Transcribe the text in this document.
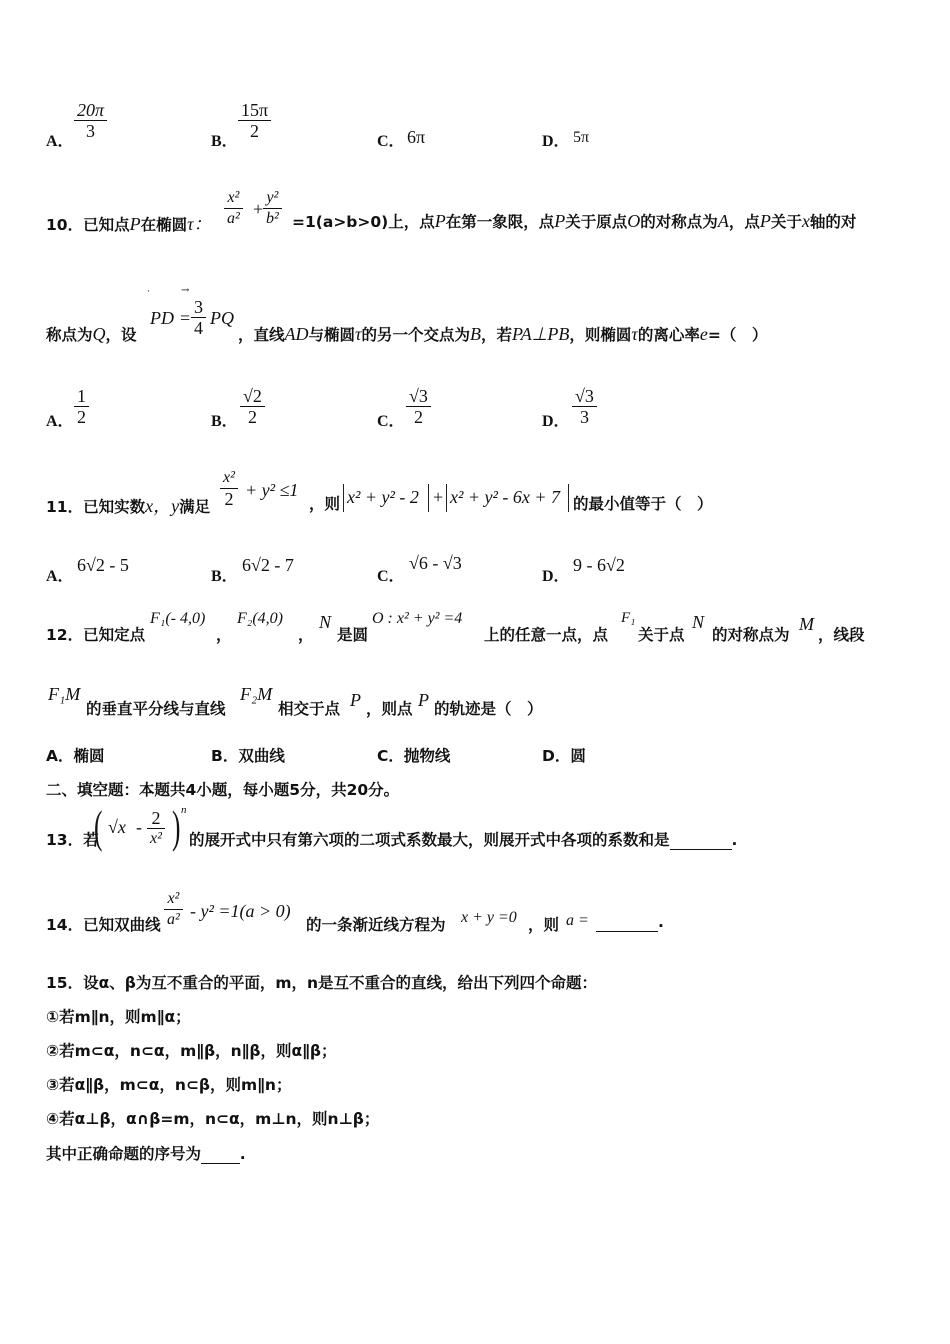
A．
$\frac{20\pi}{3}$
B．
$\frac{15\pi}{2}$
C． 6π	D． 5π
10．已知点P在椭圆τ： $\frac{\text{x²}}{\text{a²}} + \frac{\text{y²}}{\text{b²}} =1(a>b>0)$上，点P在第一象限，点P关于原点O的对称点为A，点P关于x轴的对
称点为Q，设
·	→
PD = $\frac{3}{4}$ PQ
，直线AD与椭圆τ的另一个交点为B，若PA⊥PB，则椭圆τ的离心率e=（　）
A． $\frac{1}{2}$	B． $\frac{√2}{2}$	C． $\frac{√3}{2}$	D． $\frac{√3}{3}$
11．已知实数x，y满足 $\frac{\text{x²}}{2} + y^2 \le 1$
，则 x² + y² - 2 + x² + y² - 6x + 7 的最小值等于（　）
A．
6√2 - 5
B．
6√2 - 7
C．
√6 - √3
D．
9 - 6√2
12．已知定点
F₁(- 4,0)
，
F₂(4,0)
，
N
是圆
O : x² + y² =4
上的任意一点，点
F₁
关于点
N
的对称点为
M
，线段
F₁M
的垂直平分线与直线
F₂M
相交于点 P ，则点 P 的轨迹是（　）
A．椭圆	B．双曲线	C．抛物线	D．圆
二、填空题：本题共4小题，每小题5分，共20分。
13．若
( $√x - \frac{2}{\text{x²}}$ ) n
的展开式中只有第六项的二项式系数最大，则展开式中各项的系数和是	.
14．已知双曲线 $\frac{\text{x²}}{\text{a²}} - y^2 =1(a > 0)$
的一条渐近线方程为 x + y =0 ，则 a =	.
15．设α、β为互不重合的平面，m，n是互不重合的直线，给出下列四个命题：
①若m∥n，则m∥α；
②若m⊂α，n⊂α，m∥β，n∥β，则α∥β；
③若α∥β，m⊂α，n⊂β，则m∥n；
④若α⊥β，α∩β=m，n⊂α，m⊥n，则n⊥β；
其中正确命题的序号为	.
